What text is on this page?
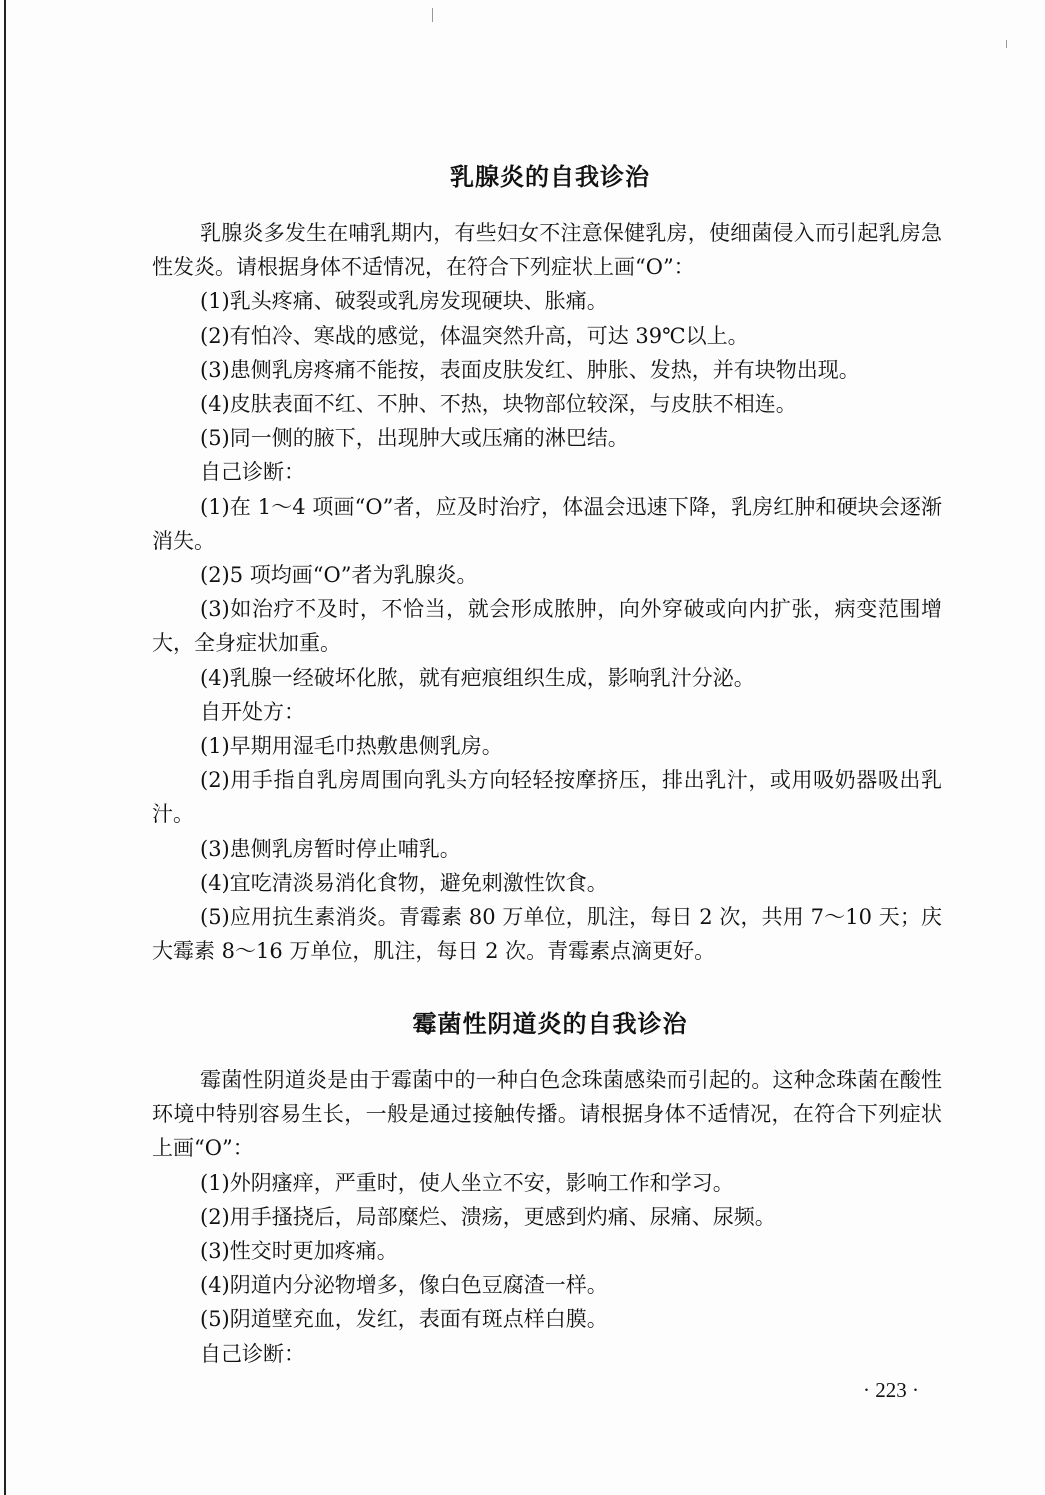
乳腺炎的自我诊治

乳腺炎多发生在哺乳期内，有些妇女不注意保健乳房，使细菌侵入而引起乳房急性发炎。请根据身体不适情况，在符合下列症状上画“O”：

(1)乳头疼痛、破裂或乳房发现硬块、胀痛。

(2)有怕冷、寒战的感觉，体温突然升高，可达 39℃以上。

(3)患侧乳房疼痛不能按，表面皮肤发红、肿胀、发热，并有块物出现。

(4)皮肤表面不红、不肿、不热，块物部位较深，与皮肤不相连。

(5)同一侧的腋下，出现肿大或压痛的淋巴结。

自己诊断：

(1)在 1～4 项画“O”者，应及时治疗，体温会迅速下降，乳房红肿和硬块会逐渐消失。

(2)5 项均画“O”者为乳腺炎。

(3)如治疗不及时，不恰当，就会形成脓肿，向外穿破或向内扩张，病变范围增大，全身症状加重。

(4)乳腺一经破坏化脓，就有疤痕组织生成，影响乳汁分泌。

自开处方：

(1)早期用湿毛巾热敷患侧乳房。

(2)用手指自乳房周围向乳头方向轻轻按摩挤压，排出乳汁，或用吸奶器吸出乳汁。

(3)患侧乳房暂时停止哺乳。

(4)宜吃清淡易消化食物，避免刺激性饮食。

(5)应用抗生素消炎。青霉素 80 万单位，肌注，每日 2 次，共用 7～10 天；庆大霉素 8～16 万单位，肌注，每日 2 次。青霉素点滴更好。

霉菌性阴道炎的自我诊治

霉菌性阴道炎是由于霉菌中的一种白色念珠菌感染而引起的。这种念珠菌在酸性环境中特别容易生长，一般是通过接触传播。请根据身体不适情况，在符合下列症状上画“O”：

(1)外阴瘙痒，严重时，使人坐立不安，影响工作和学习。

(2)用手搔挠后，局部糜烂、溃疡，更感到灼痛、尿痛、尿频。

(3)性交时更加疼痛。

(4)阴道内分泌物增多，像白色豆腐渣一样。

(5)阴道壁充血，发红，表面有斑点样白膜。

自己诊断：

· 223 ·
